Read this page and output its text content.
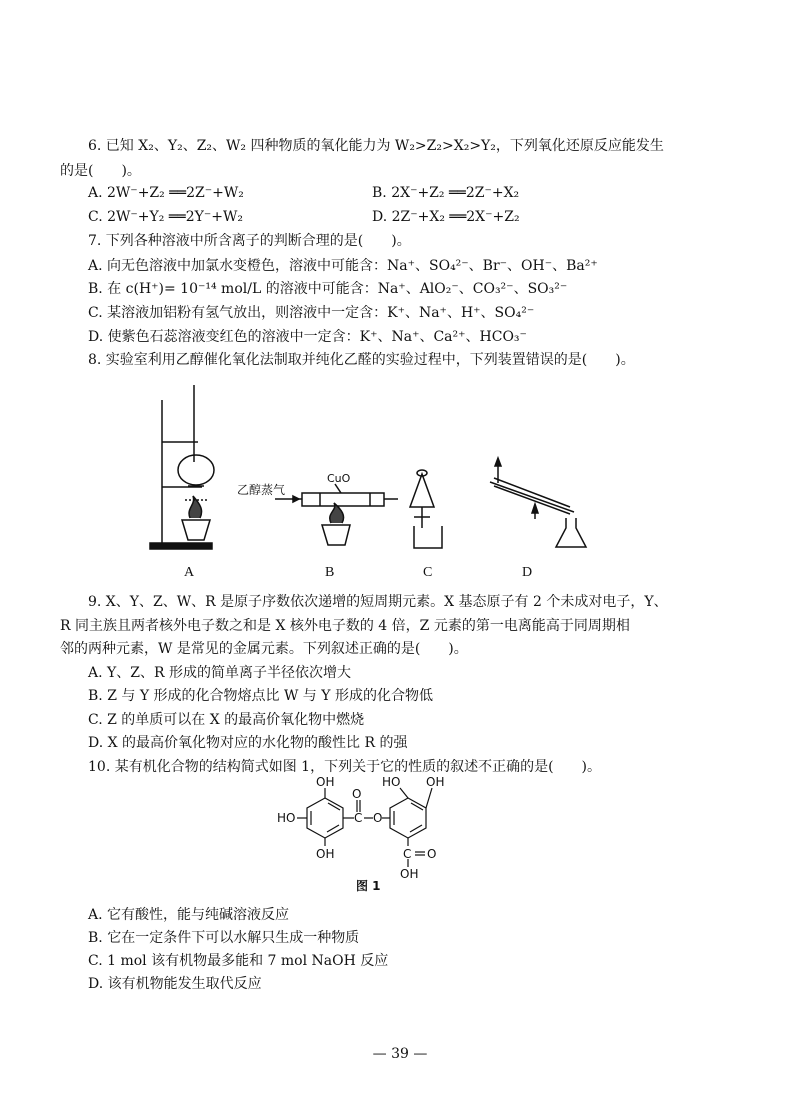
6. 已知 X₂、Y₂、Z₂、W₂ 四种物质的氧化能力为 W₂>Z₂>X₂>Y₂，下列氧化还原反应能发生
的是(　　)。
A. 2W⁻+Z₂ ══2Z⁻+W₂	B. 2X⁻+Z₂ ══2Z⁻+X₂
C. 2W⁻+Y₂ ══2Y⁻+W₂	D. 2Z⁻+X₂ ══2X⁻+Z₂
7. 下列各种溶液中所含离子的判断合理的是(　　)。
A. 向无色溶液中加氯水变橙色，溶液中可能含：Na⁺、SO₄²⁻、Br⁻、OH⁻、Ba²⁺
B. 在 c(H⁺)= 10⁻¹⁴ mol/L 的溶液中可能含：Na⁺、AlO₂⁻、CO₃²⁻、SO₃²⁻
C. 某溶液加铝粉有氢气放出，则溶液中一定含：K⁺、Na⁺、H⁺、SO₄²⁻
D. 使紫色石蕊溶液变红色的溶液中一定含：K⁺、Na⁺、Ca²⁺、HCO₃⁻
8. 实验室利用乙醇催化氧化法制取并纯化乙醛的实验过程中，下列装置错误的是(　　)。
乙醇蒸气
CuO
A	B	C	D
9. X、Y、Z、W、R 是原子序数依次递增的短周期元素。X 基态原子有 2 个未成对电子，Y、
R 同主族且两者核外电子数之和是 X 核外电子数的 4 倍，Z 元素的第一电离能高于同周期相
邻的两种元素，W 是常见的金属元素。下列叙述正确的是(　　)。
A. Y、Z、R 形成的简单离子半径依次增大
B. Z 与 Y 形成的化合物熔点比 W 与 Y 形成的化合物低
C. Z 的单质可以在 X 的最高价氧化物中燃烧
D. X 的最高价氧化物对应的水化物的酸性比 R 的强
10. 某有机化合物的结构简式如图 1，下列关于它的性质的叙述不正确的是(　　)。
OH
HO
OH
O
C O
HO OH
C O
OH
图 1
A. 它有酸性，能与纯碱溶液反应
B. 它在一定条件下可以水解只生成一种物质
C. 1 mol 该有机物最多能和 7 mol NaOH 反应
D. 该有机物能发生取代反应
— 39 —
